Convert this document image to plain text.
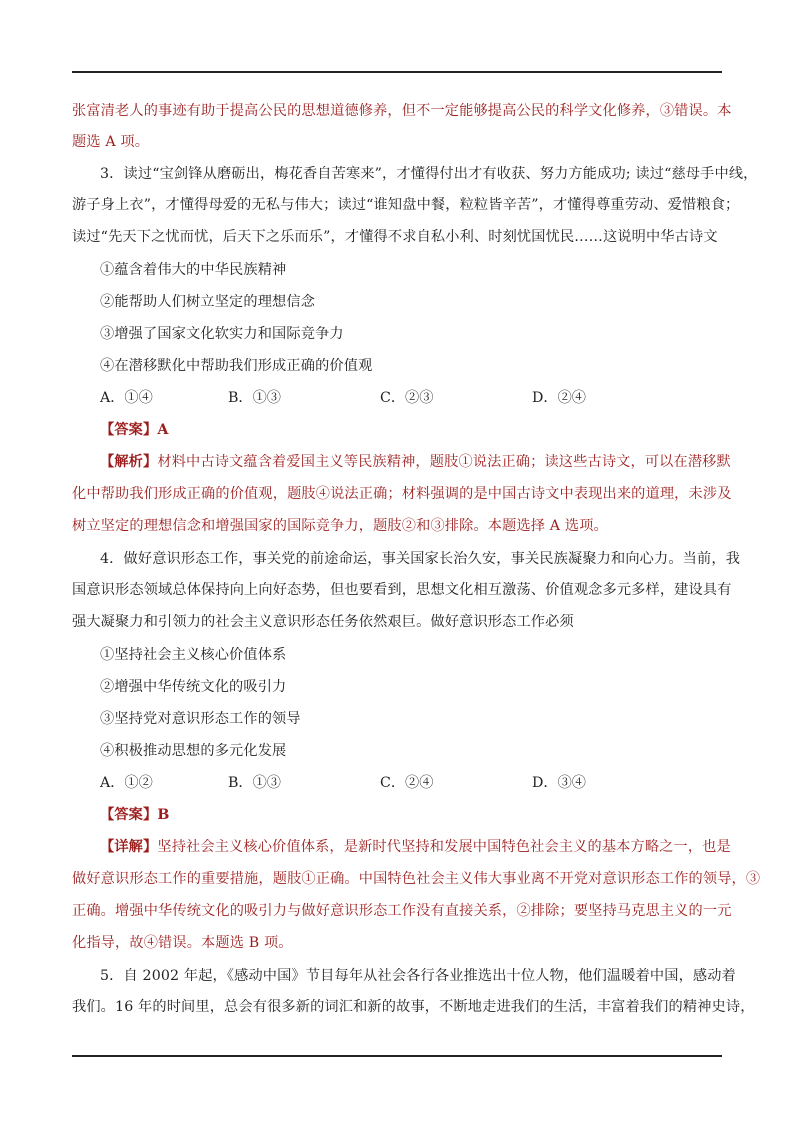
张富清老人的事迹有助于提高公民的思想道德修养，但不一定能够提高公民的科学文化修养，③错误。本
题选 A 项。
3．读过“宝剑锋从磨砺出，梅花香自苦寒来”，才懂得付出才有收获、努力方能成功; 读过“慈母手中线，
游子身上衣”，才懂得母爱的无私与伟大；读过“谁知盘中餐，粒粒皆辛苦”，才懂得尊重劳动、爱惜粮食；
读过“先天下之忧而忧，后天下之乐而乐”，才懂得不求自私小利、时刻忧国忧民……这说明中华古诗文
①蕴含着伟大的中华民族精神
②能帮助人们树立坚定的理想信念
③增强了国家文化软实力和国际竞争力
④在潜移默化中帮助我们形成正确的价值观
A．①④	B．①③	C．②③	D．②④
【答案】A
【解析】材料中古诗文蕴含着爱国主义等民族精神，题肢①说法正确；读这些古诗文，可以在潜移默
化中帮助我们形成正确的价值观，题肢④说法正确；材料强调的是中国古诗文中表现出来的道理，未涉及
树立坚定的理想信念和增强国家的国际竞争力，题肢②和③排除。本题选择 A 选项。
4．做好意识形态工作，事关党的前途命运，事关国家长治久安，事关民族凝聚力和向心力。当前，我
国意识形态领域总体保持向上向好态势，但也要看到，思想文化相互激荡、价值观念多元多样，建设具有
强大凝聚力和引领力的社会主义意识形态任务依然艰巨。做好意识形态工作必须
①坚持社会主义核心价值体系
②增强中华传统文化的吸引力
③坚持党对意识形态工作的领导
④积极推动思想的多元化发展
A．①②	B．①③	C．②④	D．③④
【答案】B
【详解】坚持社会主义核心价值体系，是新时代坚持和发展中国特色社会主义的基本方略之一，也是
做好意识形态工作的重要措施，题肢①正确。中国特色社会主义伟大事业离不开党对意识形态工作的领导，③
正确。增强中华传统文化的吸引力与做好意识形态工作没有直接关系，②排除；要坚持马克思主义的一元
化指导，故④错误。本题选 B 项。
5．自 2002 年起，《感动中国》节目每年从社会各行各业推选出十位人物，他们温暖着中国，感动着
我们。16 年的时间里，总会有很多新的词汇和新的故事，不断地走进我们的生活，丰富着我们的精神史诗，
